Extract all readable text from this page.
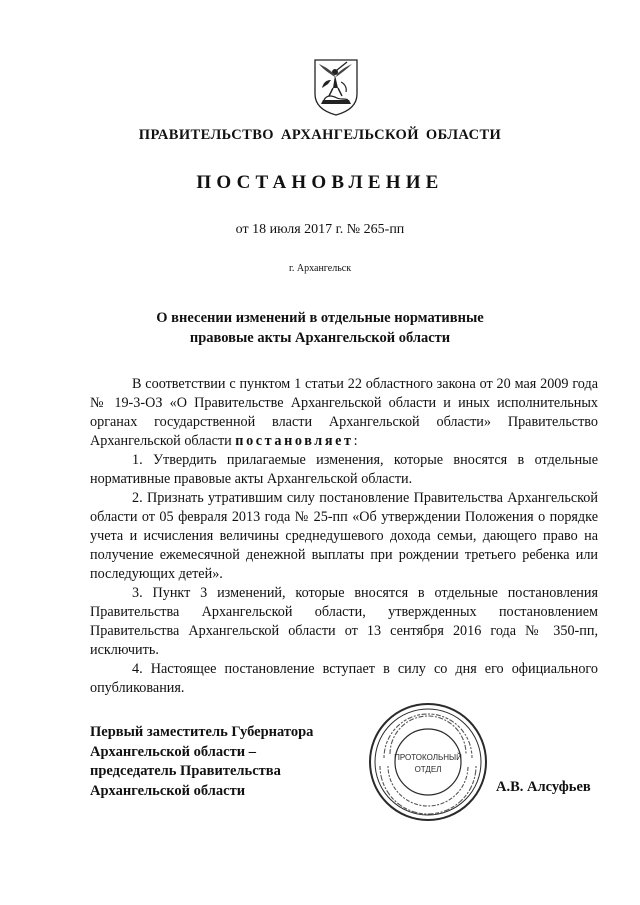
ПРАВИТЕЛЬСТВО АРХАНГЕЛЬСКОЙ ОБЛАСТИ
ПОСТАНОВЛЕНИЕ
от 18 июля 2017 г. № 265-пп
г. Архангельск
О внесении изменений в отдельные нормативные
правовые акты Архангельской области

В соответствии с пунктом 1 статьи 22 областного закона от 20 мая 2009 года № 19-3-ОЗ «О Правительстве Архангельской области и иных исполнительных органах государственной власти Архангельской области» Правительство Архангельской области постановляет:

1. Утвердить прилагаемые изменения, которые вносятся в отдельные нормативные правовые акты Архангельской области.

2. Признать утратившим силу постановление Правительства Архангельской области от 05 февраля 2013 года № 25-пп «Об утверждении Положения о порядке учета и исчисления величины среднедушевого дохода семьи, дающего право на получение ежемесячной денежной выплаты при рождении третьего ребенка или последующих детей».

3. Пункт 3 изменений, которые вносятся в отдельные постановления Правительства Архангельской области, утвержденных постановлением Правительства Архангельской области от 13 сентября 2016 года № 350-пп, исключить.

4. Настоящее постановление вступает в силу со дня его официального опубликования.

Первый заместитель Губернатора
Архангельской области –
председатель Правительства
Архангельской области
ПРОТОКОЛЬНЫЙ
ОТДЕЛ
А.В. Алсуфьев
